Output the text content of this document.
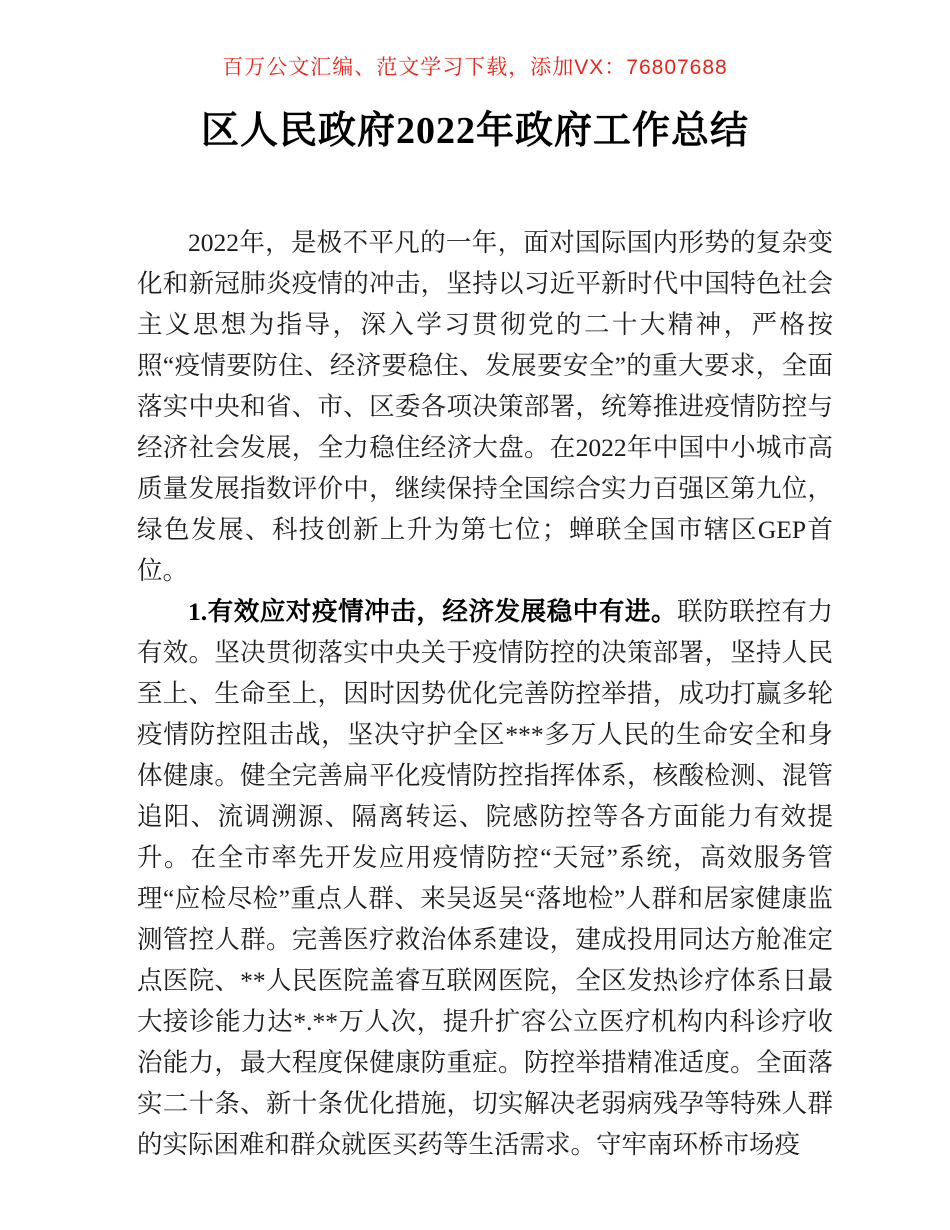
百万公文汇编、范文学习下载，添加VX：76807688
区人民政府2022年政府工作总结

2022年，是极不平凡的一年，面对国际国内形势的复杂变化和新冠肺炎疫情的冲击，坚持以习近平新时代中国特色社会主义思想为指导，深入学习贯彻党的二十大精神，严格按照“疫情要防住、经济要稳住、发展要安全”的重大要求，全面落实中央和省、市、区委各项决策部署，统筹推进疫情防控与经济社会发展，全力稳住经济大盘。在2022年中国中小城市高质量发展指数评价中，继续保持全国综合实力百强区第九位，绿色发展、科技创新上升为第七位；蝉联全国市辖区GEP首位。

1.有效应对疫情冲击，经济发展稳中有进。联防联控有力有效。坚决贯彻落实中央关于疫情防控的决策部署，坚持人民至上、生命至上，因时因势优化完善防控举措，成功打赢多轮疫情防控阻击战，坚决守护全区***多万人民的生命安全和身体健康。健全完善扁平化疫情防控指挥体系，核酸检测、混管追阳、流调溯源、隔离转运、院感防控等各方面能力有效提升。在全市率先开发应用疫情防控“天冠”系统，高效服务管理“应检尽检”重点人群、来吴返吴“落地检”人群和居家健康监测管控人群。完善医疗救治体系建设，建成投用同达方舱准定点医院、**人民医院盖睿互联网医院，全区发热诊疗体系日最大接诊能力达*.**万人次，提升扩容公立医疗机构内科诊疗收治能力，最大程度保健康防重症。防控举措精准适度。全面落实二十条、新十条优化措施，切实解决老弱病残孕等特殊人群的实际困难和群众就医买药等生活需求。守牢南环桥市场疫
